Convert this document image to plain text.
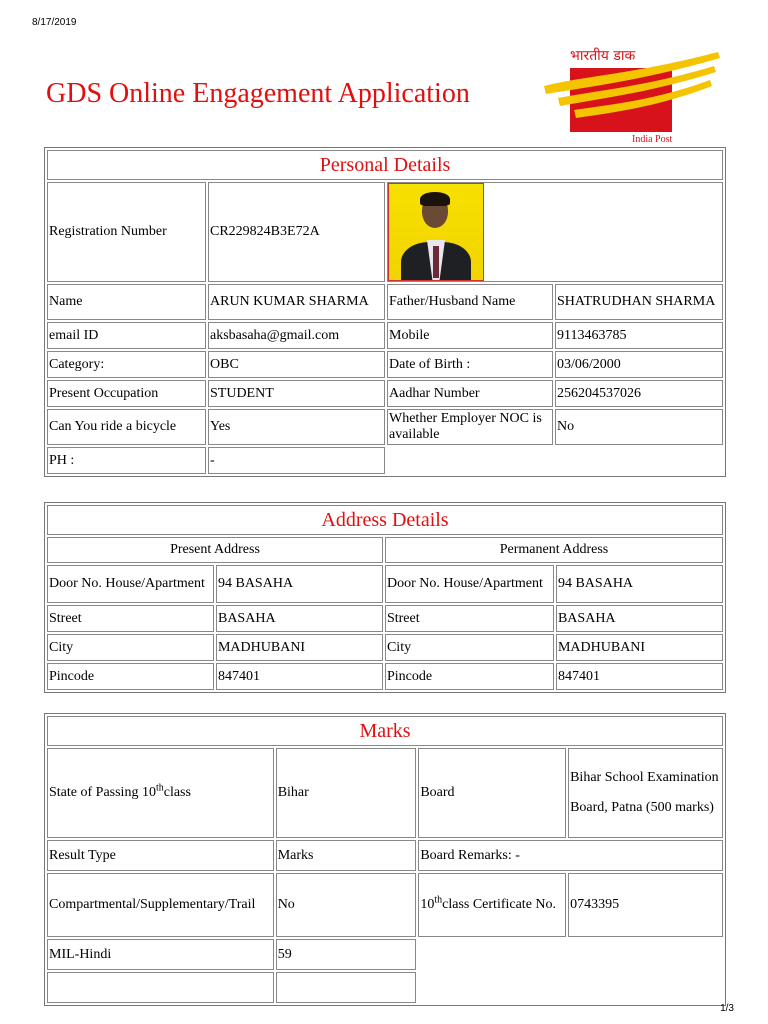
8/17/2019
GDS Online Engagement Application
भारतीय डाक
India Post
Personal Details			
Registration Number	CR229824B3E72A		

Name	ARUN KUMAR SHARMA	Father/Husband Name	SHATRUDHAN SHARMA
email ID	aksbasaha@gmail.com	Mobile	9113463785
Category:	OBC	Date of Birth :	03/06/2000
Present Occupation	STUDENT	Aadhar Number	256204537026
Can You ride a bicycle	Yes	Whether Employer NOC is available	No
PH :	-		
Address Details			
Present Address		Permanent Address	
Door No. House/Apartment	94 BASAHA	Door No. House/Apartment	94 BASAHA
Street	BASAHA	Street	BASAHA
City	MADHUBANI	City	MADHUBANI
Pincode	847401	Pincode	847401
Marks			
State of Passing 10thclass	Bihar	Board	Bihar School Examination Board, Patna (500 marks)
Result Type	Marks	Board Remarks: -	
Compartmental/Supplementary/Trail	No	10thclass Certificate No.	0743395
MIL-Hindi	59		

1/3
